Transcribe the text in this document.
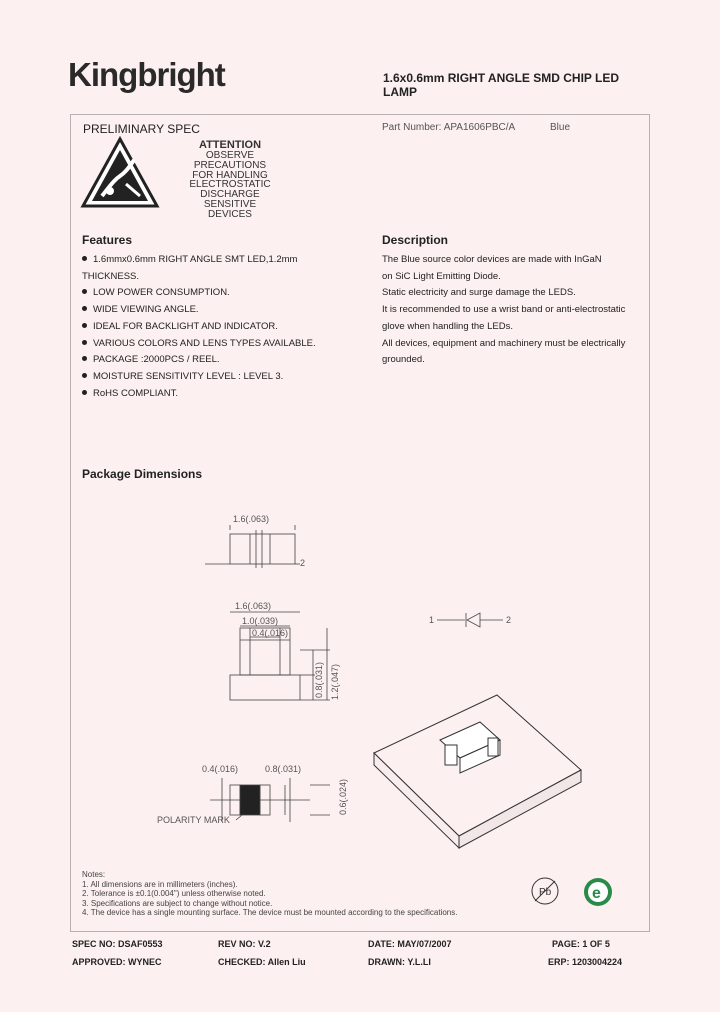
Kingbright	1.6x0.6mm RIGHT ANGLE SMD CHIP LED
LAMP
PRELIMINARY SPEC	Part Number: APA1606PBC/A	Blue
ATTENTION
OBSERVE PRECAUTIONS
FOR HANDLING
ELECTROSTATIC
DISCHARGE
SENSITIVE
DEVICES
Features
1.6mmx0.6mm RIGHT ANGLE SMT LED,1.2mm
THICKNESS.
LOW POWER CONSUMPTION.
WIDE VIEWING ANGLE.
IDEAL FOR BACKLIGHT AND INDICATOR.
VARIOUS COLORS AND LENS TYPES AVAILABLE.
PACKAGE :2000PCS / REEL.
MOISTURE SENSITIVITY LEVEL : LEVEL 3.
RoHS COMPLIANT.
Description
The Blue source color devices are made with InGaN
on SiC Light Emitting Diode.
Static electricity and surge damage the LEDS.
It is recommended to use a wrist band or anti-electrostatic
glove when handling the LEDs.
All devices, equipment and machinery must be electrically
grounded.
Package Dimensions
1.6(.063)
2
1.6(.063)
1.0(.039)
0.4(.016)
0.8(.031) 1.2(.047)
1	2
0.4(.016)	0.8(.031)
0.6(.024)
POLARITY MARK
Pb	e
Notes:
1. All dimensions are in millimeters (inches).
2. Tolerance is ±0.1(0.004") unless otherwise noted.
3. Specifications are subject to change without notice.
4. The device has a single mounting surface. The device must be mounted according to the specifications.
SPEC NO: DSAF0553	REV NO: V.2	DATE: MAY/07/2007	PAGE: 1 OF 5
APPROVED: WYNEC	CHECKED: Allen Liu	DRAWN: Y.L.LI	ERP: 1203004224
